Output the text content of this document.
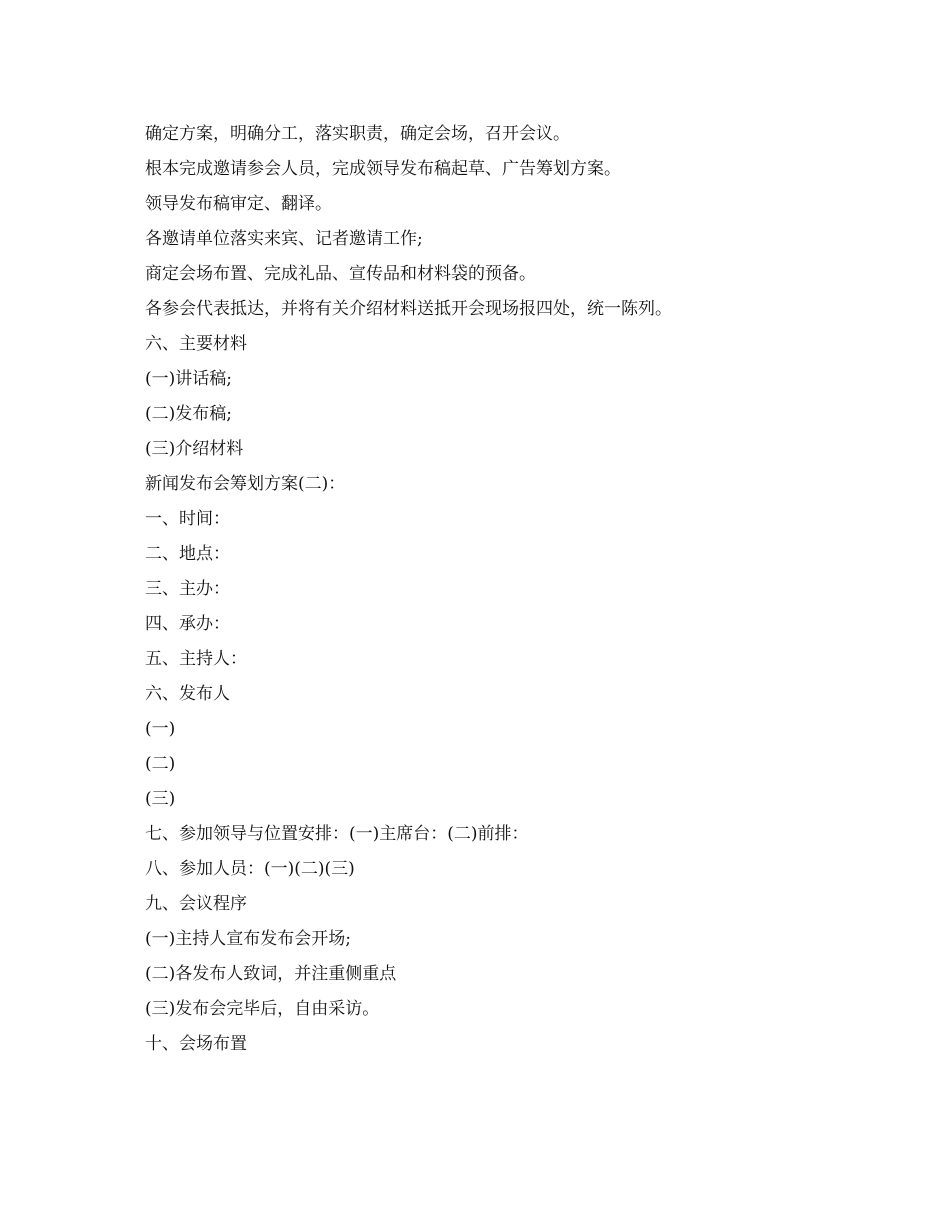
确定方案，明确分工，落实职责，确定会场，召开会议。
根本完成邀请参会人员，完成领导发布稿起草、广告筹划方案。
领导发布稿审定、翻译。
各邀请单位落实来宾、记者邀请工作;
商定会场布置、完成礼品、宣传品和材料袋的预备。
各参会代表抵达，并将有关介绍材料送抵开会现场报四处，统一陈列。
六、主要材料
(一)讲话稿;
(二)发布稿;
(三)介绍材料
新闻发布会筹划方案(二)：
一、时间：
二、地点：
三、主办：
四、承办：
五、主持人：
六、发布人
(一)
(二)
(三)
七、参加领导与位置安排：(一)主席台：(二)前排：
八、参加人员：(一)(二)(三)
九、会议程序
(一)主持人宣布发布会开场;
(二)各发布人致词，并注重侧重点
(三)发布会完毕后，自由采访。
十、会场布置
